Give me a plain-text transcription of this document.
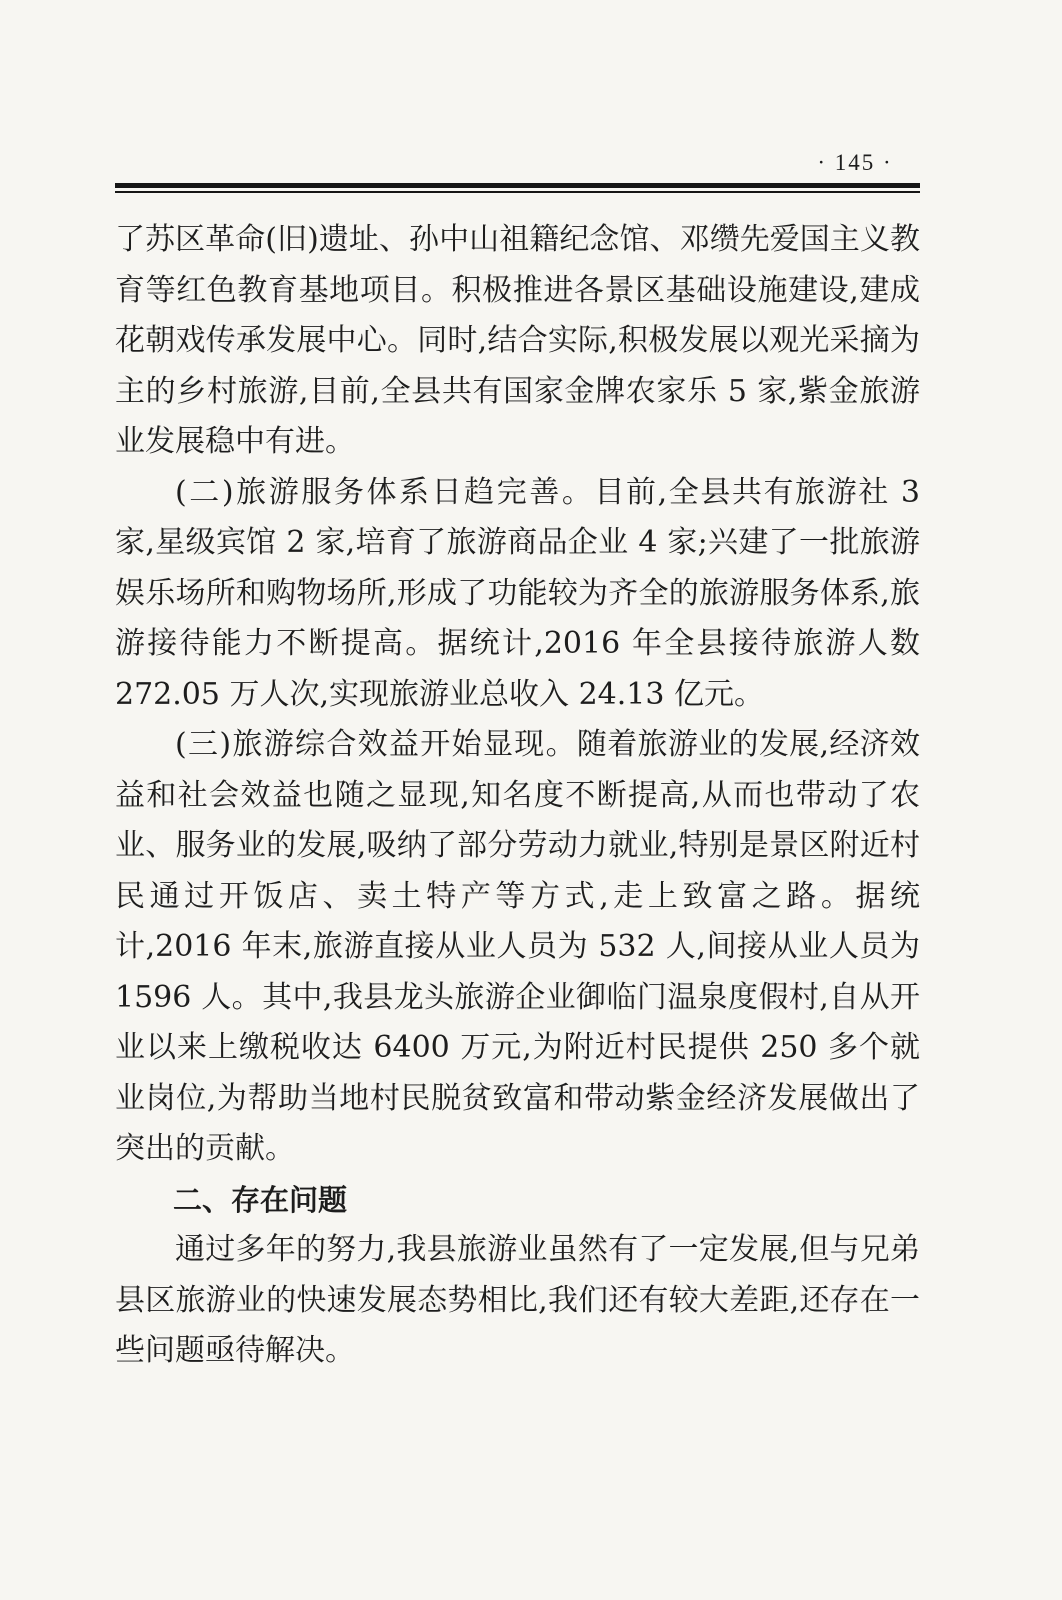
· 145 ·

了苏区革命(旧)遗址、孙中山祖籍纪念馆、邓缵先爱国主义教育等红色教育基地项目。积极推进各景区基础设施建设,建成花朝戏传承发展中心。同时,结合实际,积极发展以观光采摘为主的乡村旅游,目前,全县共有国家金牌农家乐 5 家,紫金旅游业发展稳中有进。

(二)旅游服务体系日趋完善。目前,全县共有旅游社 3 家,星级宾馆 2 家,培育了旅游商品企业 4 家;兴建了一批旅游娱乐场所和购物场所,形成了功能较为齐全的旅游服务体系,旅游接待能力不断提高。据统计,2016 年全县接待旅游人数 272.05 万人次,实现旅游业总收入 24.13 亿元。

(三)旅游综合效益开始显现。随着旅游业的发展,经济效益和社会效益也随之显现,知名度不断提高,从而也带动了农业、服务业的发展,吸纳了部分劳动力就业,特别是景区附近村民通过开饭店、卖土特产等方式,走上致富之路。据统计,2016 年末,旅游直接从业人员为 532 人,间接从业人员为 1596 人。其中,我县龙头旅游企业御临门温泉度假村,自从开业以来上缴税收达 6400 万元,为附近村民提供 250 多个就业岗位,为帮助当地村民脱贫致富和带动紫金经济发展做出了突出的贡献。

二、存在问题

通过多年的努力,我县旅游业虽然有了一定发展,但与兄弟县区旅游业的快速发展态势相比,我们还有较大差距,还存在一些问题亟待解决。
